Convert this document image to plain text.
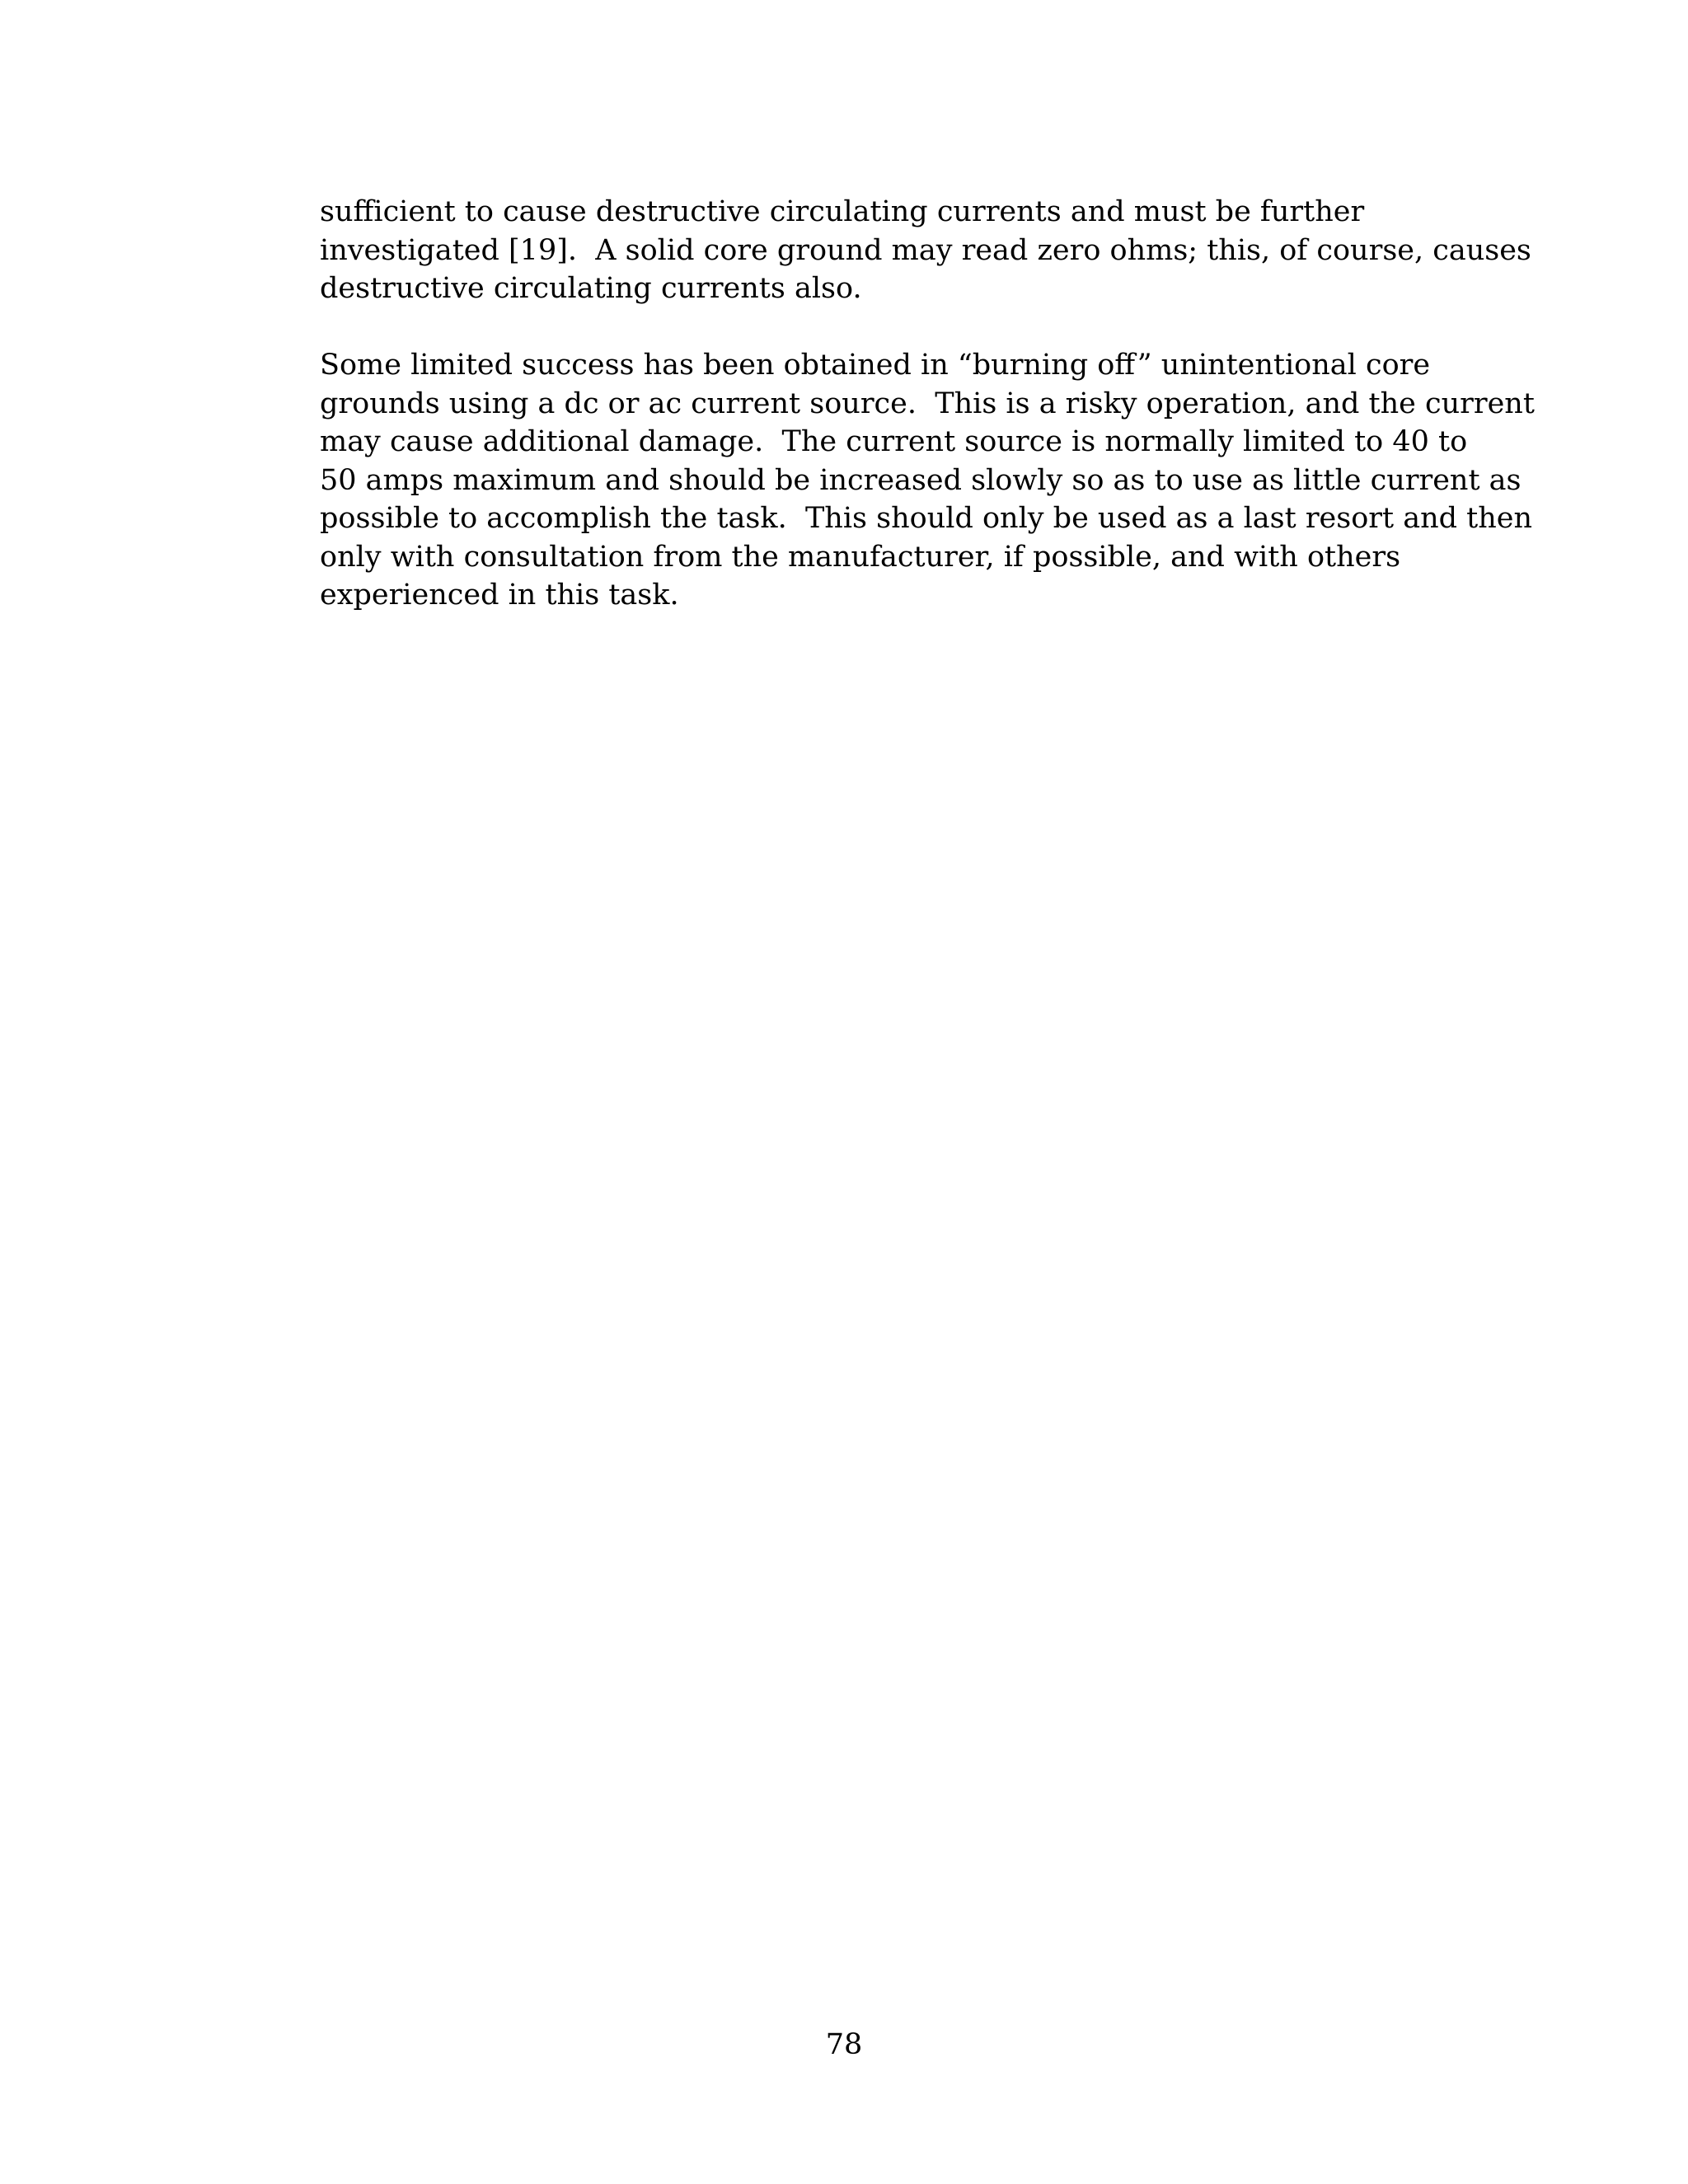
sufficient to cause destructive circulating currents and must be further
investigated [19].  A solid core ground may read zero ohms; this, of course, causes
destructive circulating currents also.

Some limited success has been obtained in “burning off” unintentional core
grounds using a dc or ac current source.  This is a risky operation, and the current
may cause additional damage.  The current source is normally limited to 40 to
50 amps maximum and should be increased slowly so as to use as little current as
possible to accomplish the task.  This should only be used as a last resort and then
only with consultation from the manufacturer, if possible, and with others
experienced in this task.

78
